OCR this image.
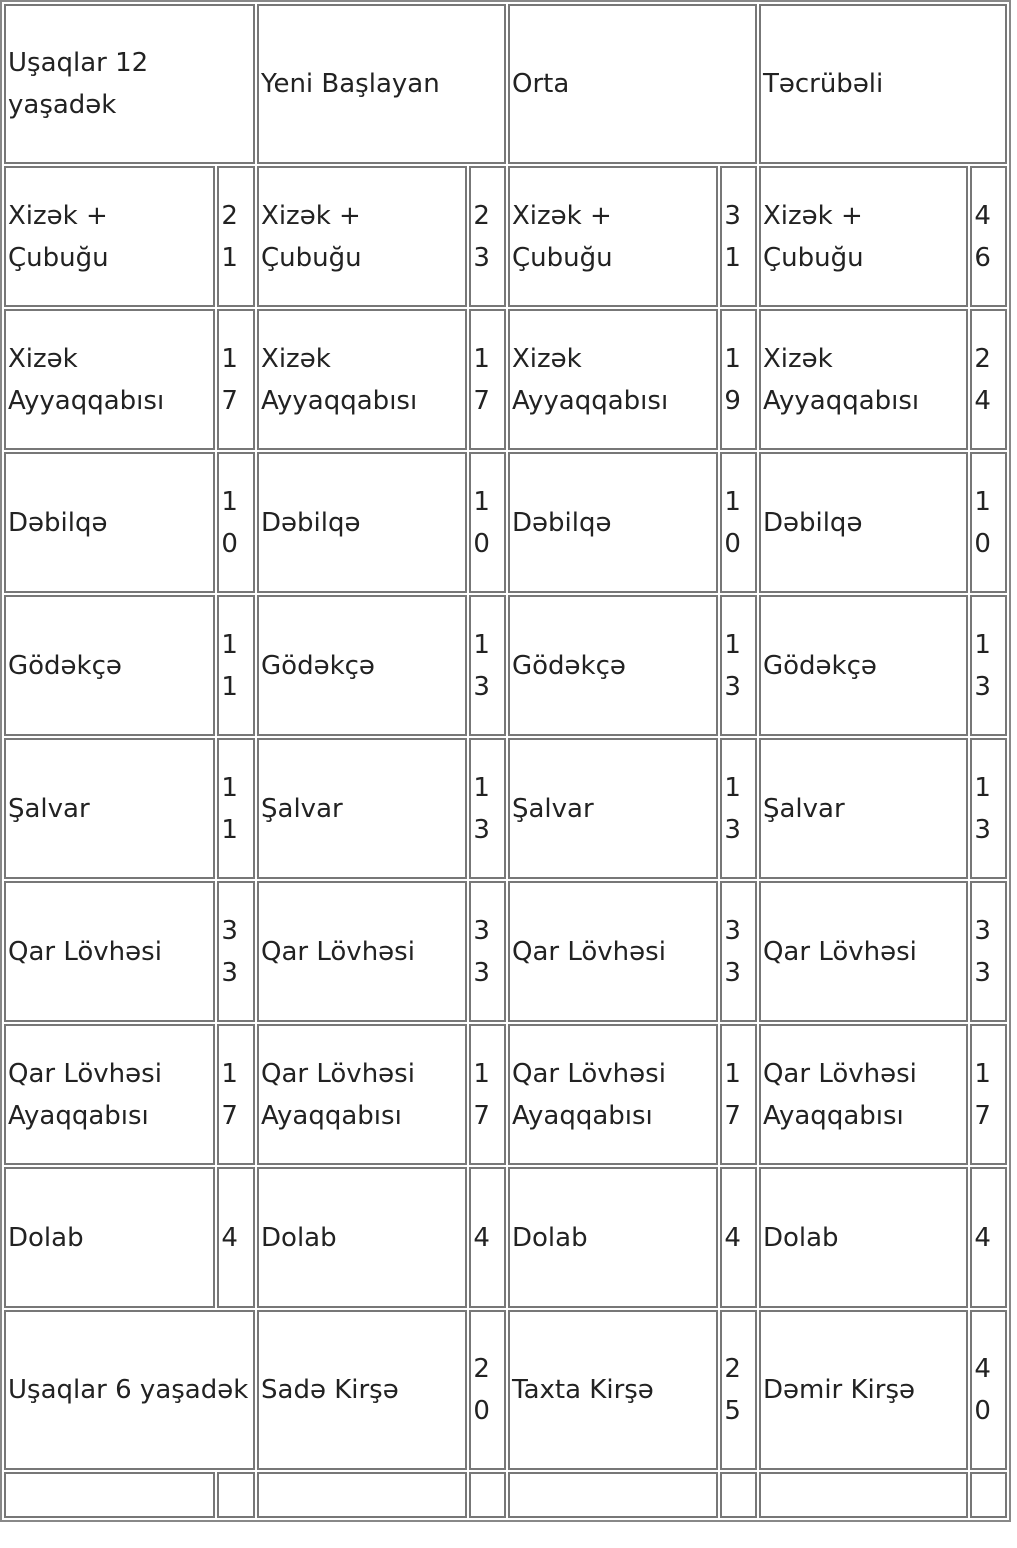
Uşaqlar 12 yaşadək		Yeni Başlayan		Orta		Təcrübəli	
Xizək + Çubuğu	21	Xizək + Çubuğu	23	Xizək + Çubuğu	31	Xizək + Çubuğu	46
Xizək Ayyaqqabısı	17	Xizək Ayyaqqabısı	17	Xizək Ayyaqqabısı	19	Xizək Ayyaqqabısı	24
Dəbilqə	10	Dəbilqə	10	Dəbilqə	10	Dəbilqə	10
Gödəkçə	11	Gödəkçə	13	Gödəkçə	13	Gödəkçə	13
Şalvar	11	Şalvar	13	Şalvar	13	Şalvar	13
Qar Lövhəsi	33	Qar Lövhəsi	33	Qar Lövhəsi	33	Qar Lövhəsi	33
Qar Lövhəsi Ayaqqabısı	17	Qar Lövhəsi Ayaqqabısı	17	Qar Lövhəsi Ayaqqabısı	17	Qar Lövhəsi Ayaqqabısı	17
Dolab	4	Dolab	4	Dolab	4	Dolab	4
Uşaqlar 6 yaşadək		Sadə Kirşə	20	Taxta Kirşə	25	Dəmir Kirşə	40
